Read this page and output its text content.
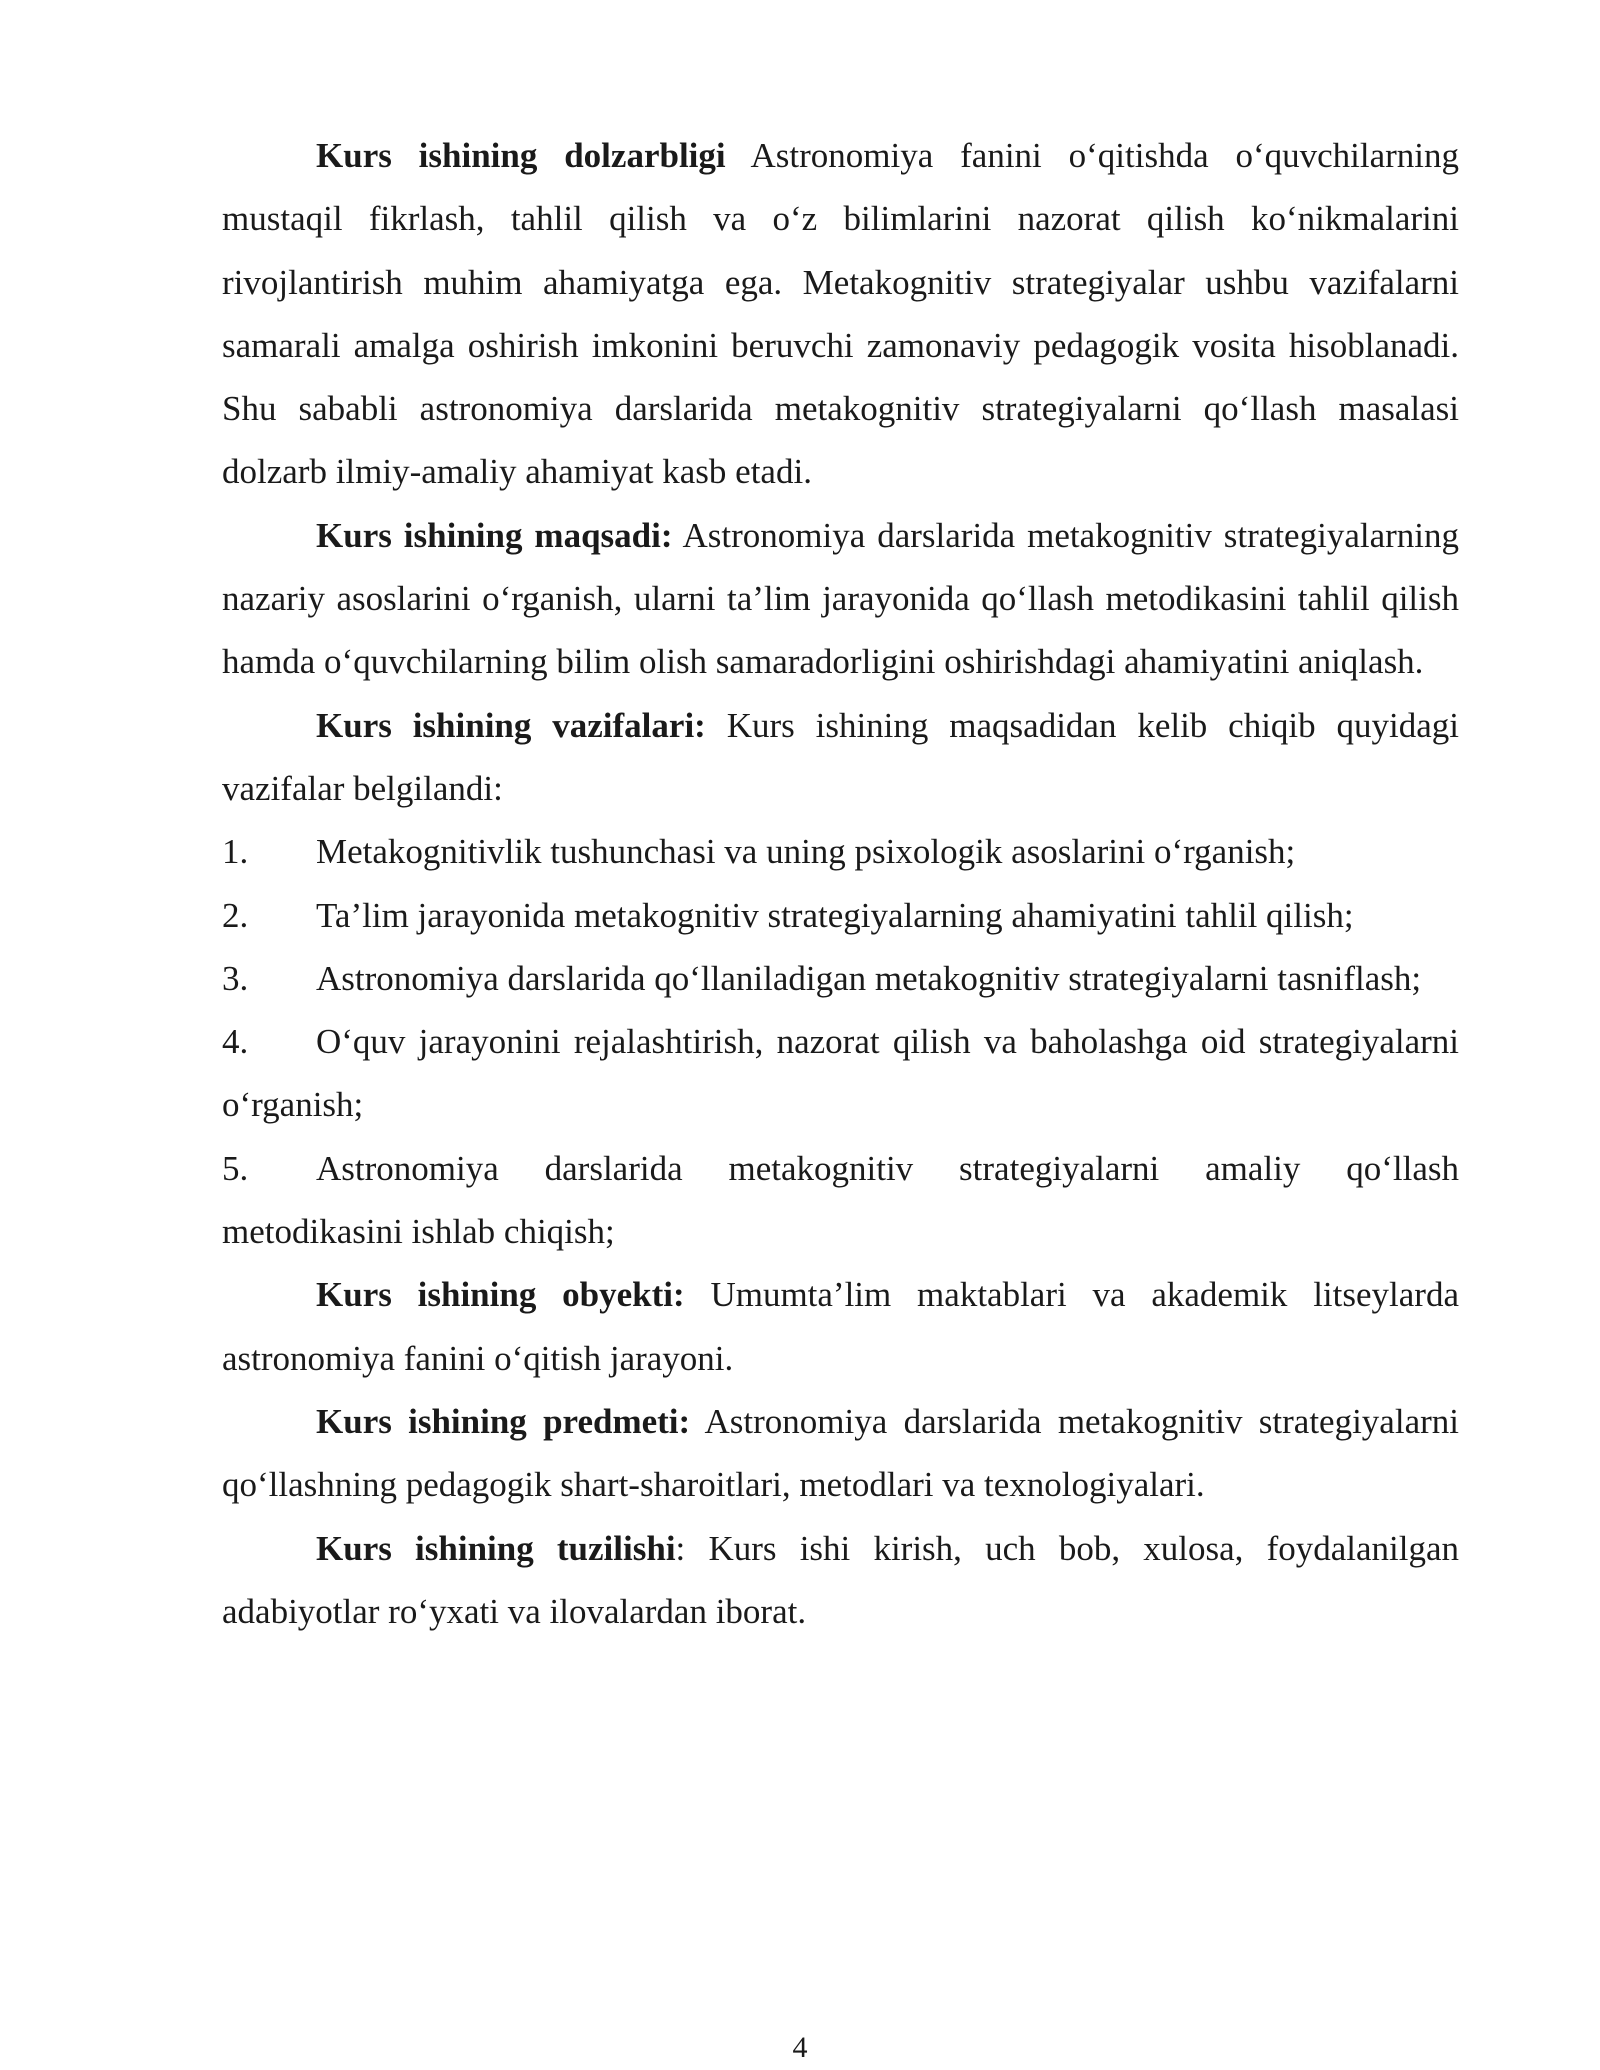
Kurs ishining dolzarbligi Astronomiya fanini o‘qitishda o‘quvchilarning mustaqil fikrlash, tahlil qilish va o‘z bilimlarini nazorat qilish ko‘nikmalarini rivojlantirish muhim ahamiyatga ega. Metakognitiv strategiyalar ushbu vazifalarni samarali amalga oshirish imkonini beruvchi zamonaviy pedagogik vosita hisoblanadi. Shu sababli astronomiya darslarida metakognitiv strategiyalarni qo‘llash masalasi dolzarb ilmiy-amaliy ahamiyat kasb etadi.

Kurs ishining maqsadi: Astronomiya darslarida metakognitiv strategiyalarning nazariy asoslarini o‘rganish, ularni ta’lim jarayonida qo‘llash metodikasini tahlil qilish hamda o‘quvchilarning bilim olish samaradorligini oshirishdagi ahamiyatini aniqlash.

Kurs ishining vazifalari: Kurs ishining maqsadidan kelib chiqib quyidagi vazifalar belgilandi:

1. Metakognitivlik tushunchasi va uning psixologik asoslarini o‘rganish;

2. Ta’lim jarayonida metakognitiv strategiyalarning ahamiyatini tahlil qilish;

3. Astronomiya darslarida qo‘llaniladigan metakognitiv strategiyalarni tasniflash;

4. O‘quv jarayonini rejalashtirish, nazorat qilish va baholashga oid strategiyalarni o‘rganish;

5. Astronomiya darslarida metakognitiv strategiyalarni amaliy qo‘llash metodikasini ishlab chiqish;

Kurs ishining obyekti: Umumta’lim maktablari va akademik litseylarda astronomiya fanini o‘qitish jarayoni.

Kurs ishining predmeti: Astronomiya darslarida metakognitiv strategiyalarni qo‘llashning pedagogik shart-sharoitlari, metodlari va texnologiyalari.

Kurs ishining tuzilishi: Kurs ishi kirish, uch bob, xulosa, foydalanilgan adabiyotlar ro‘yxati va ilovalardan iborat.

4
